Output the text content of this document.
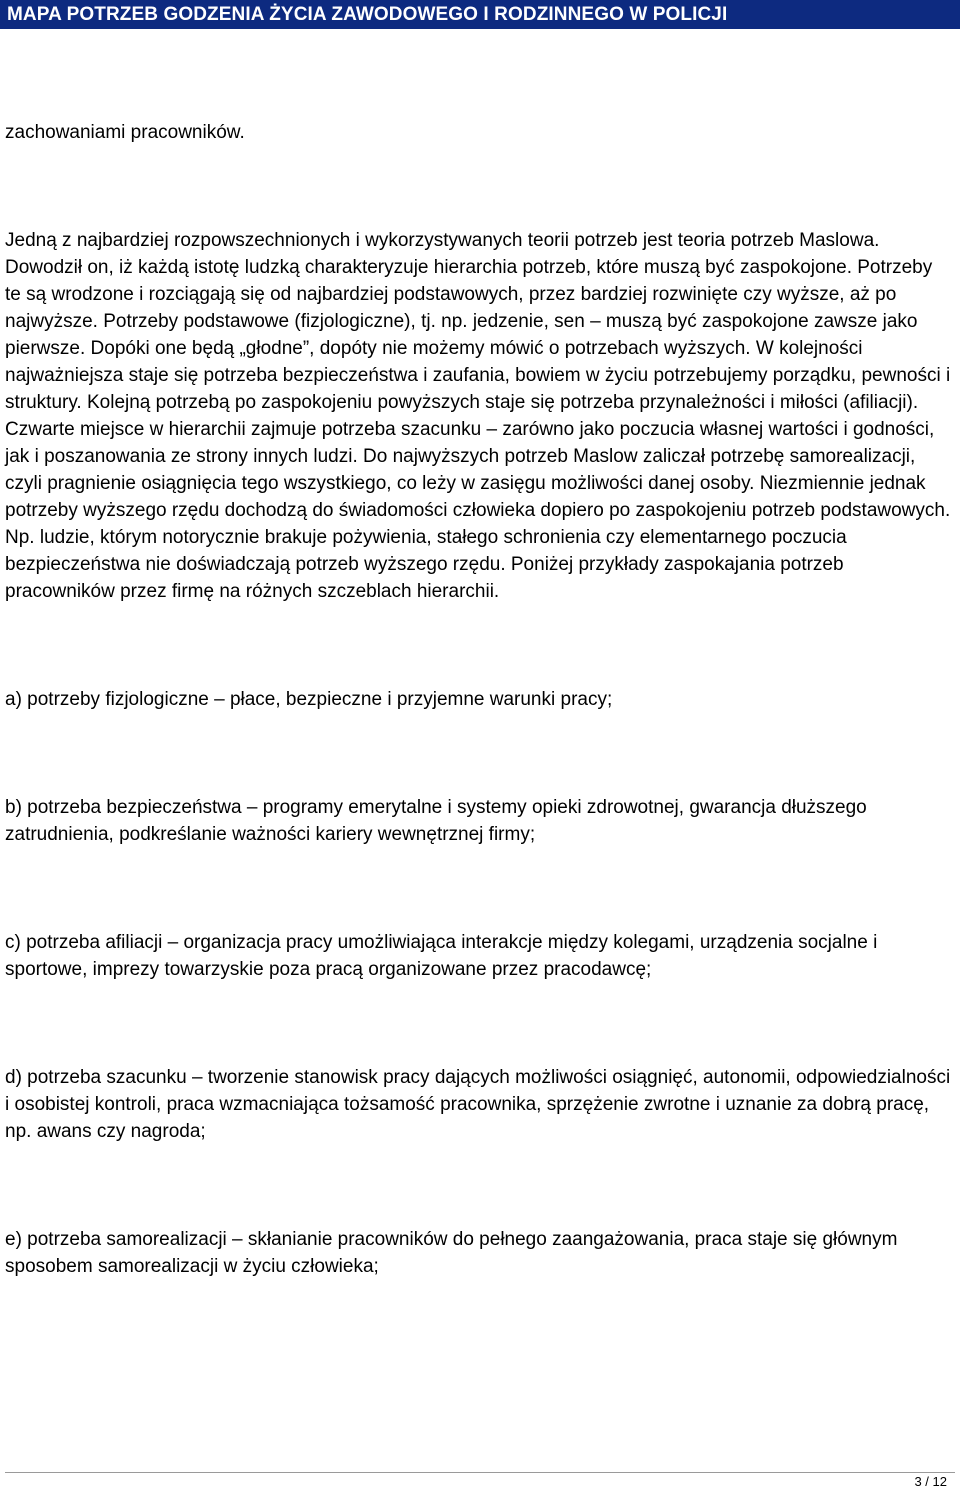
MAPA POTRZEB GODZENIA ŻYCIA ZAWODOWEGO I RODZINNEGO W POLICJI

zachowaniami pracowników.

Jedną z najbardziej rozpowszechnionych i wykorzystywanych teorii potrzeb jest teoria potrzeb Maslowa. Dowodził on, iż każdą istotę ludzką charakteryzuje hierarchia potrzeb, które muszą być zaspokojone. Potrzeby te są wrodzone i rozciągają się od najbardziej podstawowych, przez bardziej rozwinięte czy wyższe, aż po najwyższe. Potrzeby podstawowe (fizjologiczne), tj. np. jedzenie, sen – muszą być zaspokojone zawsze jako pierwsze. Dopóki one będą „głodne”, dopóty nie możemy mówić o potrzebach wyższych. W kolejności najważniejsza staje się potrzeba bezpieczeństwa i zaufania, bowiem w życiu potrzebujemy porządku, pewności i struktury. Kolejną potrzebą po zaspokojeniu powyższych staje się potrzeba przynależności i miłości (afiliacji). Czwarte miejsce w hierarchii zajmuje potrzeba szacunku – zarówno jako poczucia własnej wartości i godności, jak i poszanowania ze strony innych ludzi. Do najwyższych potrzeb Maslow zaliczał potrzebę samorealizacji, czyli pragnienie osiągnięcia tego wszystkiego, co leży w zasięgu możliwości danej osoby. Niezmiennie jednak potrzeby wyższego rzędu dochodzą do świadomości człowieka dopiero po zaspokojeniu potrzeb podstawowych. Np. ludzie, którym notorycznie brakuje pożywienia, stałego schronienia czy elementarnego poczucia bezpieczeństwa nie doświadczają potrzeb wyższego rzędu. Poniżej przykłady zaspokajania potrzeb pracowników przez firmę na różnych szczeblach hierarchii.

a) potrzeby fizjologiczne – płace, bezpieczne i przyjemne warunki pracy;

b) potrzeba bezpieczeństwa – programy emerytalne i systemy opieki zdrowotnej, gwarancja dłuższego zatrudnienia, podkreślanie ważności kariery wewnętrznej firmy;

c) potrzeba afiliacji – organizacja pracy umożliwiająca interakcje między kolegami, urządzenia socjalne i sportowe, imprezy towarzyskie poza pracą organizowane przez pracodawcę;

d) potrzeba szacunku – tworzenie stanowisk pracy dających możliwości osiągnięć, autonomii, odpowiedzialności i osobistej kontroli, praca wzmacniająca tożsamość pracownika, sprzężenie zwrotne i uznanie za dobrą pracę, np. awans czy nagroda;

e) potrzeba samorealizacji – skłanianie pracowników do pełnego zaangażowania, praca staje się głównym sposobem samorealizacji w życiu człowieka;

3 / 12
